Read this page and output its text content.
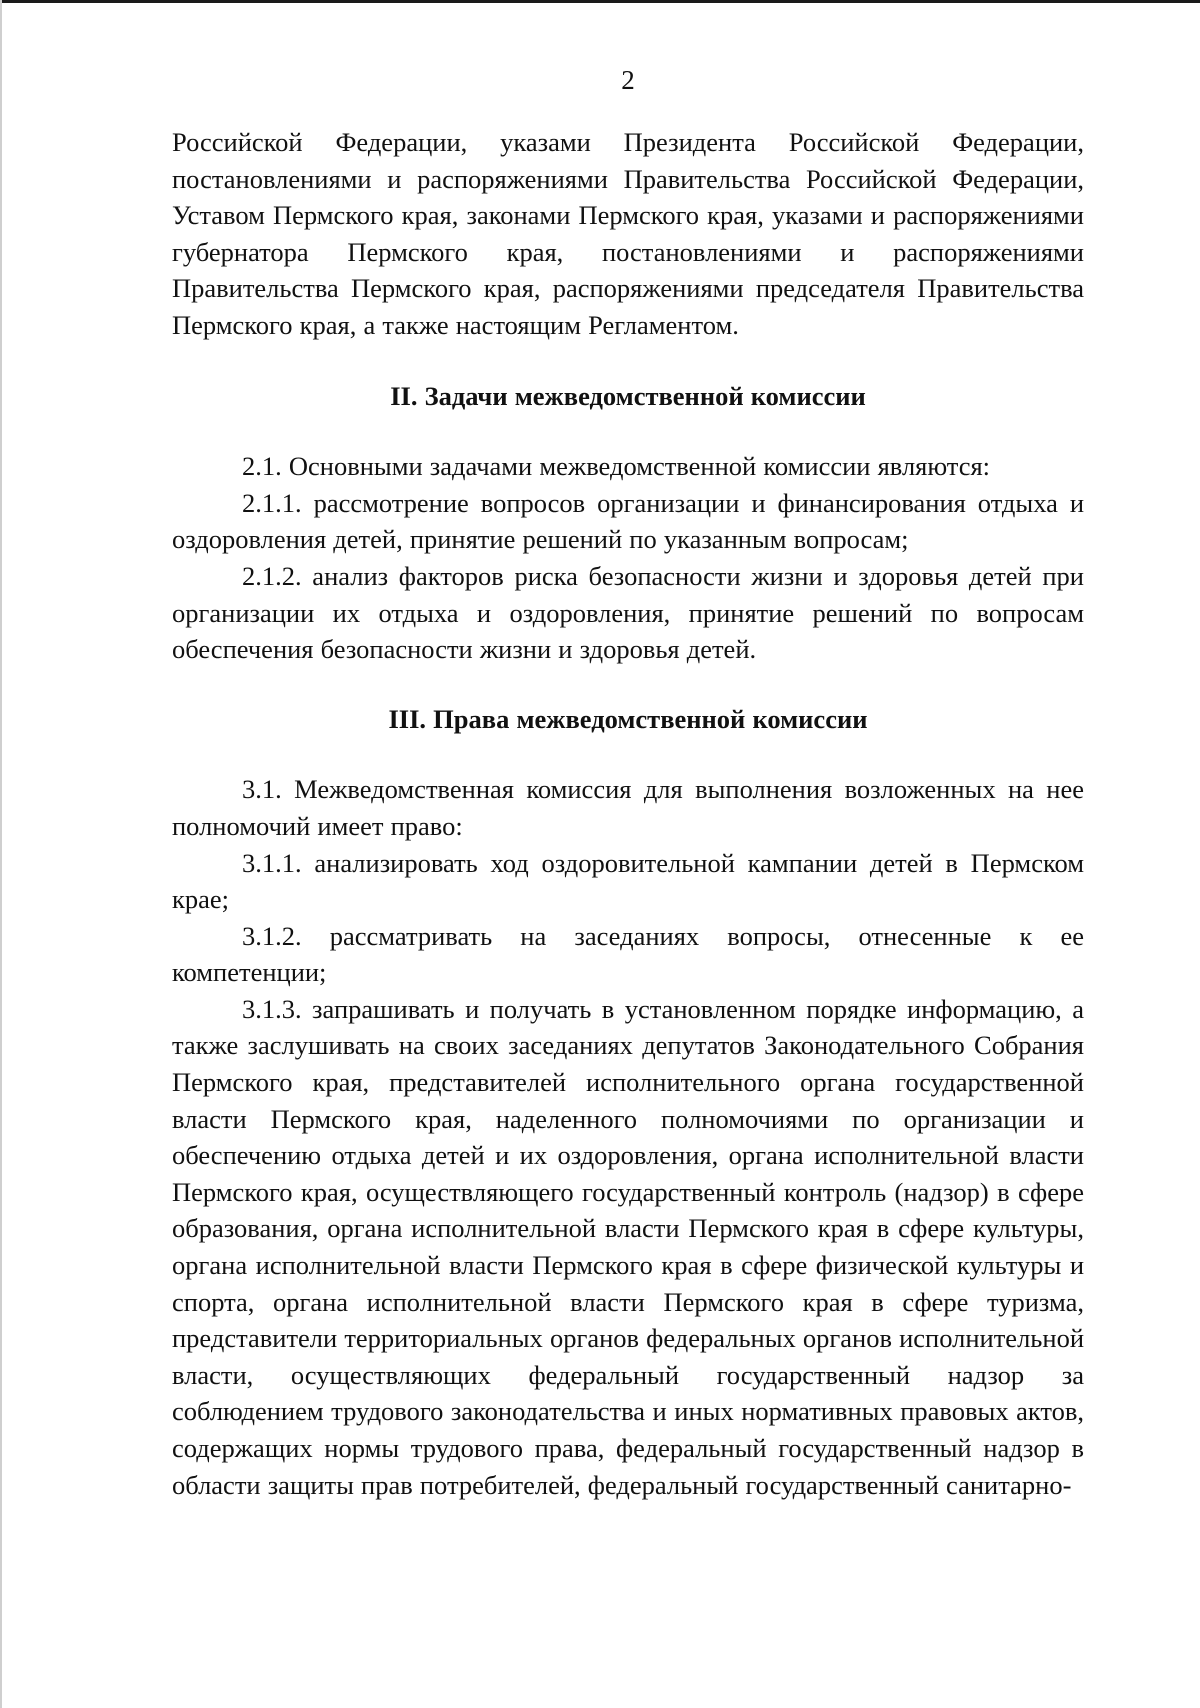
2

Российской Федерации, указами Президента Российской Федерации, постановлениями и распоряжениями Правительства Российской Федерации, Уставом Пермского края, законами Пермского края, указами и распоряжениями губернатора Пермского края, постановлениями и распоряжениями Правительства Пермского края, распоряжениями председателя Правительства Пермского края, а также настоящим Регламентом.

II. Задачи межведомственной комиссии

2.1. Основными задачами межведомственной комиссии являются:

2.1.1. рассмотрение вопросов организации и финансирования отдыха и оздоровления детей, принятие решений по указанным вопросам;

2.1.2. анализ факторов риска безопасности жизни и здоровья детей при организации их отдыха и оздоровления, принятие решений по вопросам обеспечения безопасности жизни и здоровья детей.

III. Права межведомственной комиссии

3.1. Межведомственная комиссия для выполнения возложенных на нее полномочий имеет право:

3.1.1. анализировать ход оздоровительной кампании детей в Пермском крае;

3.1.2. рассматривать на заседаниях вопросы, отнесенные к ее компетенции;

3.1.3. запрашивать и получать в установленном порядке информацию, а также заслушивать на своих заседаниях депутатов Законодательного Собрания Пермского края, представителей исполнительного органа государственной власти Пермского края, наделенного полномочиями по организации и обеспечению отдыха детей и их оздоровления, органа исполнительной власти Пермского края, осуществляющего государственный контроль (надзор) в сфере образования, органа исполнительной власти Пермского края в сфере культуры, органа исполнительной власти Пермского края в сфере физической культуры и спорта, органа исполнительной власти Пермского края в сфере туризма, представители территориальных органов федеральных органов исполнительной власти, осуществляющих федеральный государственный надзор за соблюдением трудового законодательства и иных нормативных правовых актов, содержащих нормы трудового права, федеральный государственный надзор в области защиты прав потребителей, федеральный государственный санитарно-
